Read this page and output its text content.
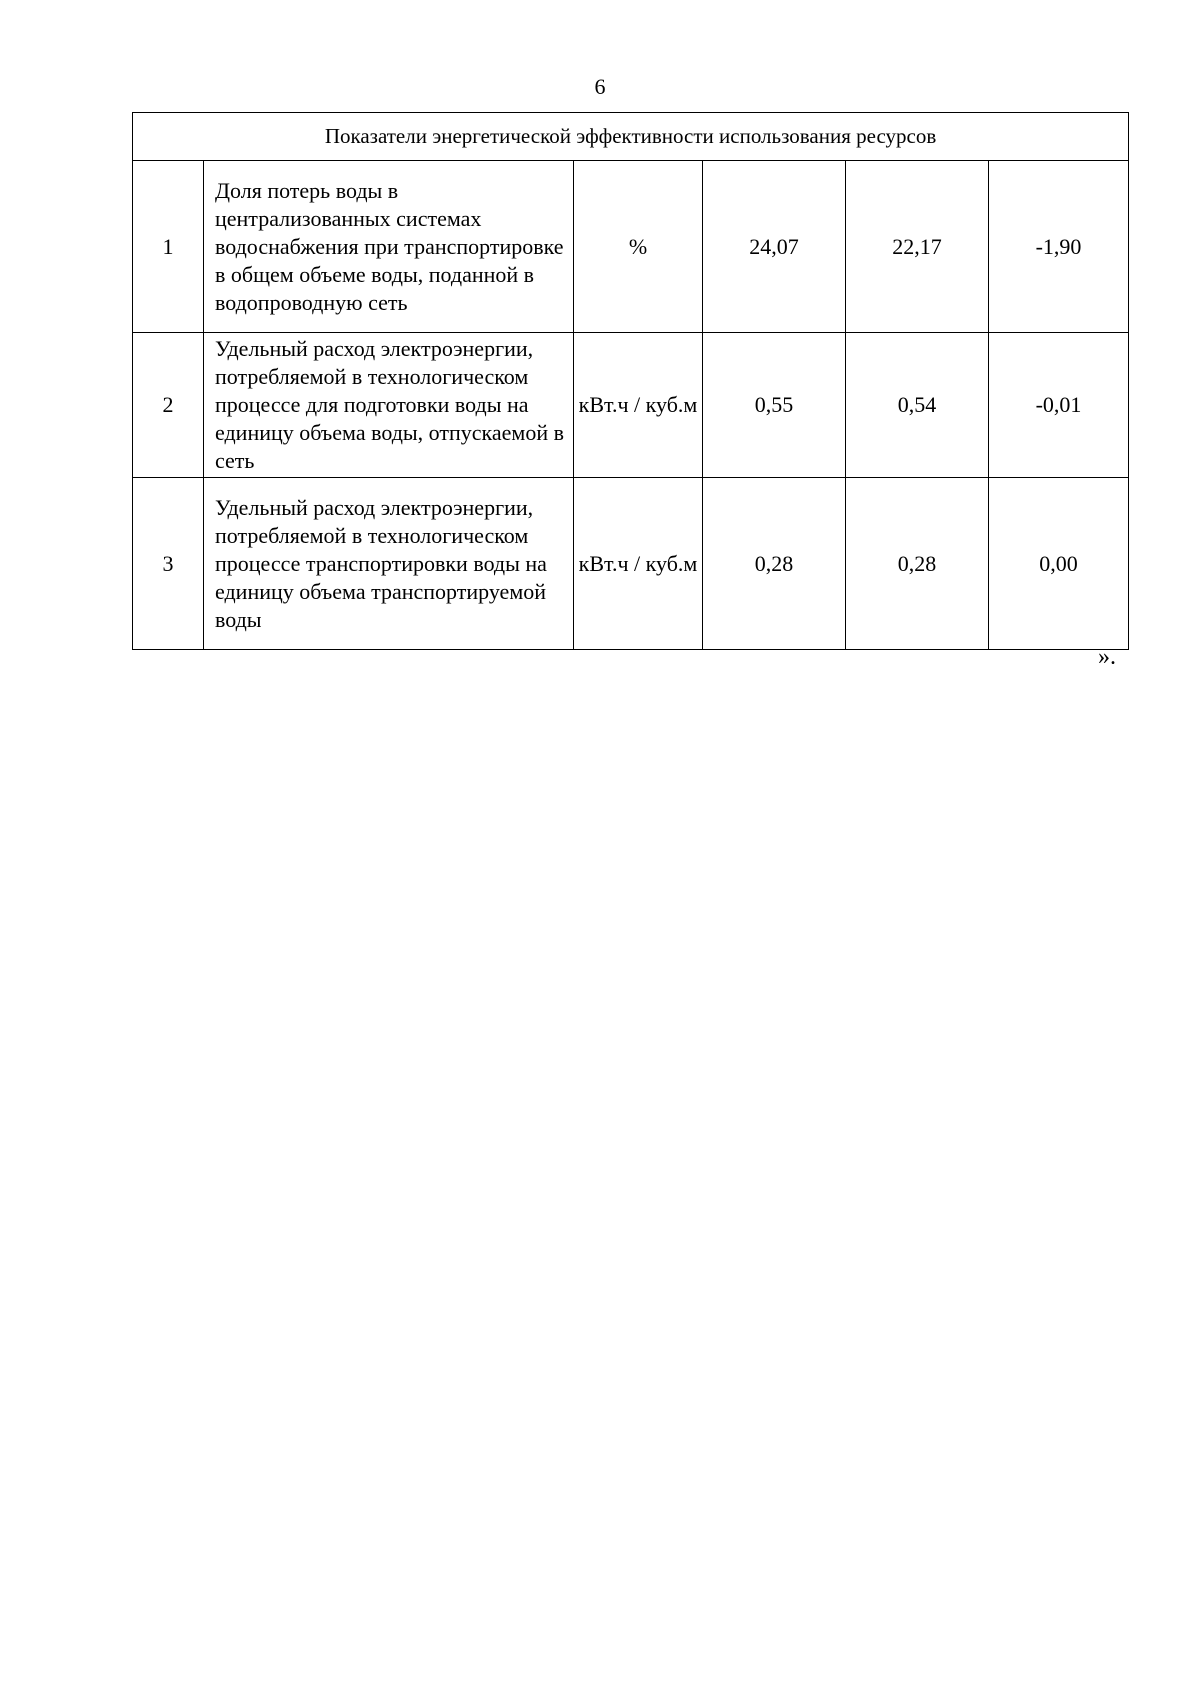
6
Показатели энергетической эффективности использования ресурсов					
1	Доля потерь воды в централизованных системах водоснабжения при транспортировке в общем объеме воды, поданной в водопроводную сеть	%	24,07	22,17	-1,90
2	Удельный расход электроэнергии, потребляемой в технологическом процессе для подготовки воды на единицу объема воды, отпускаемой в сеть	кВт.ч / куб.м	0,55	0,54	-0,01
3	Удельный расход электроэнергии, потребляемой в технологическом процессе транспортировки воды на единицу объема транспортируемой воды	кВт.ч / куб.м	0,28	0,28	0,00
».
